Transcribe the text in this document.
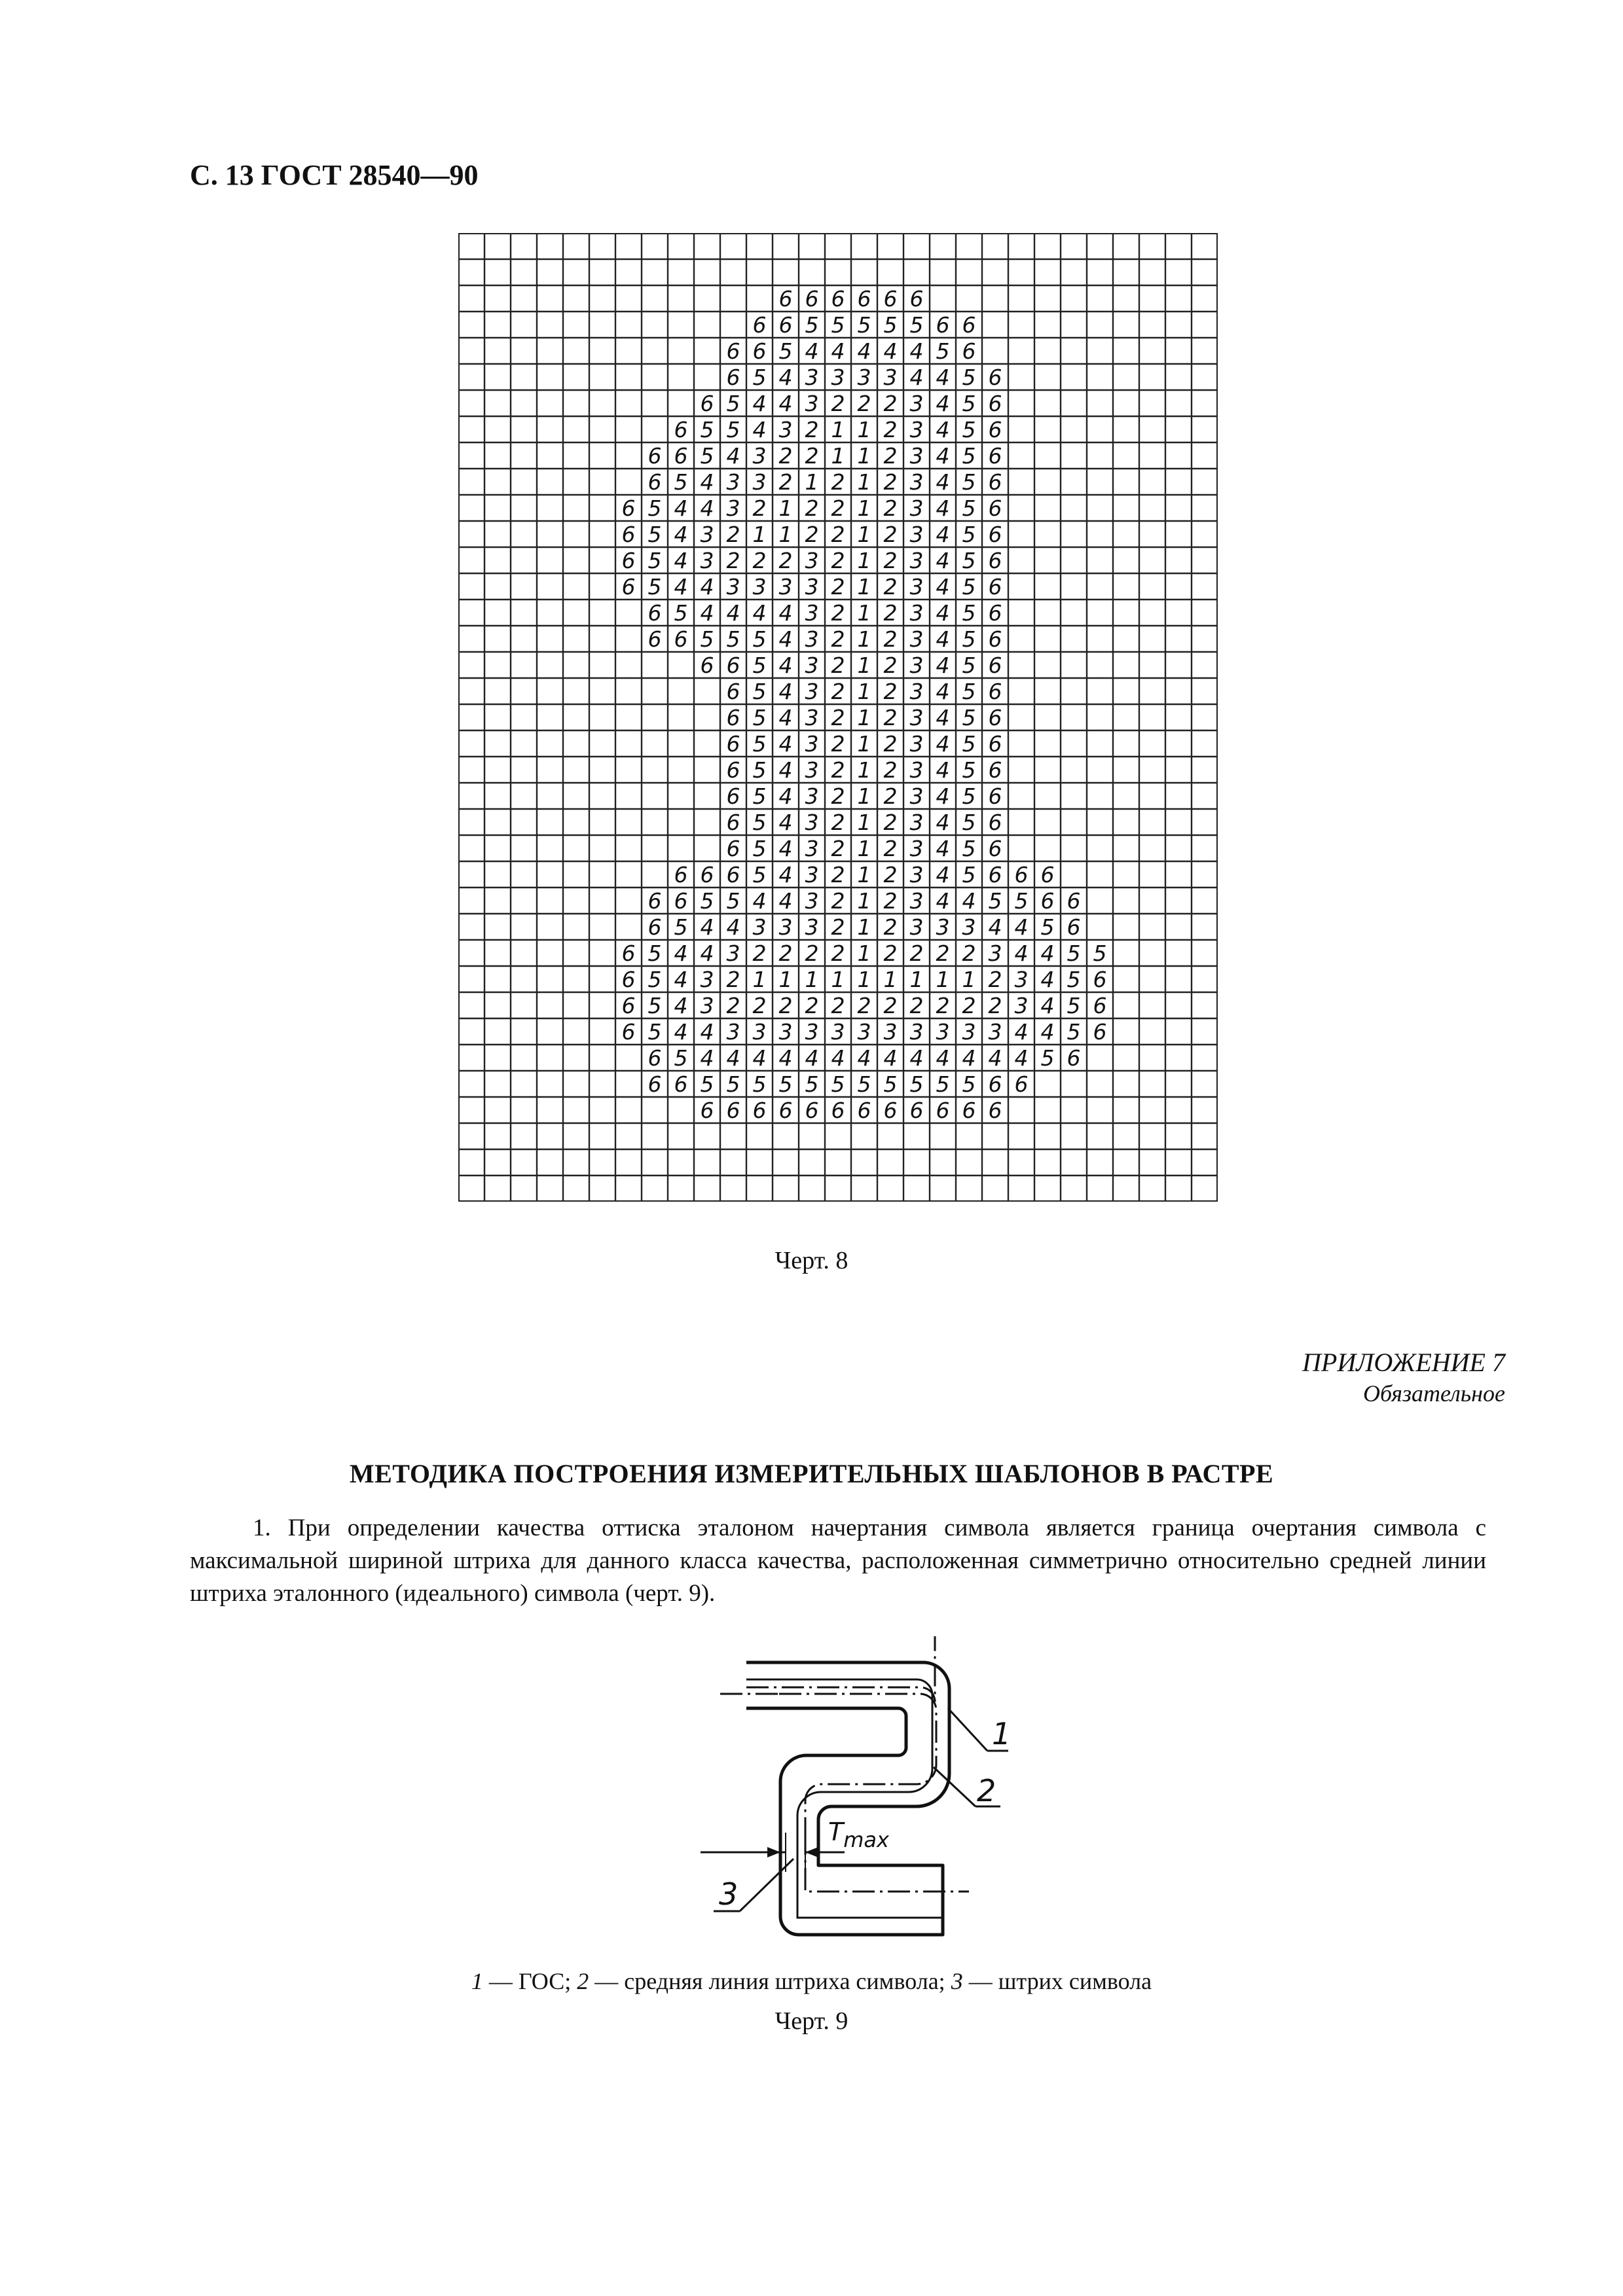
С. 13 ГОСТ 28540—90
6 6 6 6 6 6
6 6 5 5 5 5 5 6 6
6 6 5 4 4 4 4 4 5 6
6 5 4 3 3 3 3 4 4 5 6
6 5 4 4 3 2 2 2 3 4 5 6
6 5 5 4 3 2 1 1 2 3 4 5 6
6 6 5 4 3 2 2 1 1 2 3 4 5 6
6 5 4 3 3 2 1 2 1 2 3 4 5 6
6 5 4 4 3 2 1 2 2 1 2 3 4 5 6
6 5 4 3 2 1 1 2 2 1 2 3 4 5 6
6 5 4 3 2 2 2 3 2 1 2 3 4 5 6
6 5 4 4 3 3 3 3 2 1 2 3 4 5 6
6 5 4 4 4 4 3 2 1 2 3 4 5 6
6 6 5 5 5 4 3 2 1 2 3 4 5 6
6 6 5 4 3 2 1 2 3 4 5 6
6 5 4 3 2 1 2 3 4 5 6
6 5 4 3 2 1 2 3 4 5 6
6 5 4 3 2 1 2 3 4 5 6
6 5 4 3 2 1 2 3 4 5 6
6 5 4 3 2 1 2 3 4 5 6
6 5 4 3 2 1 2 3 4 5 6
6 5 4 3 2 1 2 3 4 5 6
6 6 6 5 4 3 2 1 2 3 4 5 6 6 6
6 6 5 5 4 4 3 2 1 2 3 4 4 5 5 6 6
6 5 4 4 3 3 3 2 1 2 3 3 3 4 4 5 6
6 5 4 4 3 2 2 2 2 1 2 2 2 2 3 4 4 5 5
6 5 4 3 2 1 1 1 1 1 1 1 1 1 2 3 4 5 6
6 5 4 3 2 2 2 2 2 2 2 2 2 2 2 3 4 5 6
6 5 4 4 3 3 3 3 3 3 3 3 3 3 3 4 4 5 6
6 5 4 4 4 4 4 4 4 4 4 4 4 4 4 5 6
6 6 5 5 5 5 5 5 5 5 5 5 5 6 6
6 6 6 6 6 6 6 6 6 6 6 6
Черт. 8
ПРИЛОЖЕНИЕ 7
Обязательное
МЕТОДИКА ПОСТРОЕНИЯ ИЗМЕРИТЕЛЬНЫХ ШАБЛОНОВ В РАСТРЕ

1. При определении качества оттиска эталоном начертания символа является граница очертания символа с максимальной шириной штриха для данного класса качества, расположенная симметрично относительно средней линии штриха эталонного (идеального) символа (черт. 9).

1
2
3
$T_{max}$
1 — ГОС; 2 — средняя линия штриха символа; 3 — штрих символа
Черт. 9
